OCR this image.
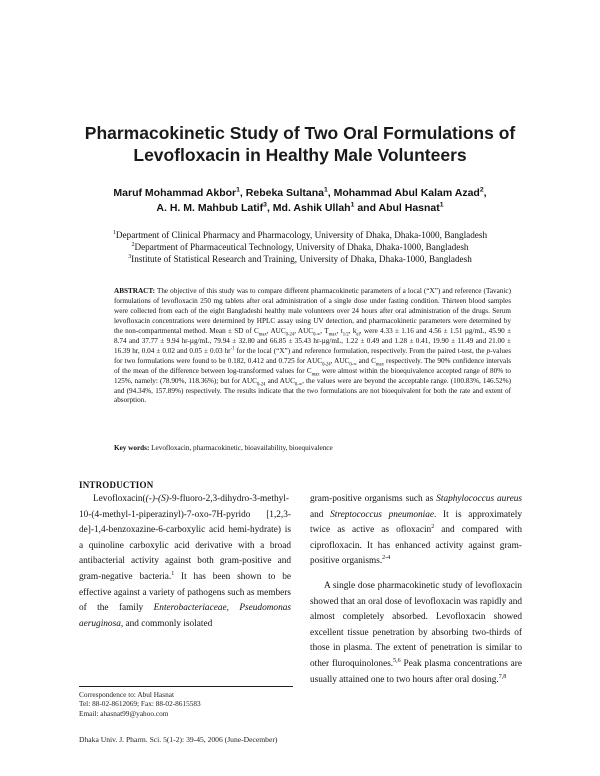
Pharmacokinetic Study of Two Oral Formulations of
Levofloxacin in Healthy Male Volunteers
Maruf Mohammad Akbor$^1$, Rebeka Sultana$^1$, Mohammad Abul Kalam Azad$^2$,
A. H. M. Mahbub Latif$^3$, Md. Ashik Ullah$^1$ and Abul Hasnat$^1$
$^1$Department of Clinical Pharmacy and Pharmacology, University of Dhaka, Dhaka-1000, Bangladesh
$^2$Department of Pharmaceutical Technology, University of Dhaka, Dhaka-1000, Bangladesh
$^3$Institute of Statistical Research and Training, University of Dhaka, Dhaka-1000, Bangladesh
ABSTRACT: The objective of this study was to compare different pharmacokinetic parameters of a local (“X”) and reference (Tavanic) formulations of levofloxacin 250 mg tablets after oral administration of a single dose under fasting condition. Thirteen blood samples were collected from each of the eight Bangladeshi healthy male volunteers over 24 hours after oral administration of the drugs. Serum levofloxacin concentrations were determined by HPLC assay using UV detection, and pharmacokinetic parameters were determined by the non-compartmental method. Mean ± SD of $C_{max}$, $AUC_{0-24}$, $AUC_{0-\infty}$, $T_{max}$, $t_{1/2}$, $k_{el}$, were 4.33 ± 1.16 and 4.56 ± 1.51 µg/mL, 45.90 ± 8.74 and 37.77 ± 9.94 hr-µg/mL, 79.94 ± 32.80 and 66.85 ± 35.43 hr-µg/mL, 1.22 ± 0.49 and 1.28 ± 0.41, 19.90 ± 11.49 and 21.00 ± 16.39 hr, 0.04 ± 0.02 and 0.05 ± 0.03 $hr^{-1}$ for the local (“X”) and reference formulation, respectively. From the paired t-test, the p-values for two formulations were found to be 0.182, 0.412 and 0.725 for $AUC_{0-24}$, $AUC_{0-\infty}$ and $C_{max}$ respectively. The 90% confidence intervals of the mean of the difference between log-transformed values for $C_{max}$ were almost within the bioequivalence accepted range of 80% to 125%, namely: (78.90%, 118.36%); but for $AUC_{0-24}$ and $AUC_{0-\infty}$, the values were are beyond the acceptable range. (100.83%, 146.52%) and (94.34%, 157.89%) respectively. The results indicate that the two formulations are not bioequivalent for both the rate and extent of absorption.
Key words: Levofloxacin, pharmacokinetic, bioavailability, bioequivalence
INTRODUCTION

Levofloxacin((-)-(S)-9-fluoro-2,3-dihydro-3-methyl-10-(4-methyl-1-piperazinyl)-7-oxo-7H-pyrido [1,2,3-de]-1,4-benzoxazine-6-carboxylic acid hemi-hydrate) is a quinoline carboxylic acid derivative with a broad antibacterial activity against both gram-positive and gram-negative bacteria.$^1$ It has been shown to be effective against a variety of pathogens such as members of the family Enterobacteriaceae, Pseudomonas aeruginosa, and commonly isolated

gram-positive organisms such as Staphylococcus aureus and Streptococcus pneumoniae. It is approximately twice as active as ofloxacin$^2$ and compared with ciprofloxacin. It has enhanced activity against gram-positive organisms.$^{2-4}$

A single dose pharmacokinetic study of levofloxacin showed that an oral dose of levofloxacin was rapidly and almost completely absorbed. Levofloxacin showed excellent tissue penetration by absorbing two-thirds of those in plasma. The extent of penetration is similar to other fluroquinolones.$^{5,6}$ Peak plasma concentrations are usually attained one to two hours after oral dosing.$^{7,8}$

Correspondence to: Abul Hasnat
Tel: 88-02-8612069; Fax: 88-02-8615583
Email: ahasnat99@yahoo.com
Dhaka Univ. J. Pharm. Sci. 5(1-2): 39-45, 2006 (June-December)
